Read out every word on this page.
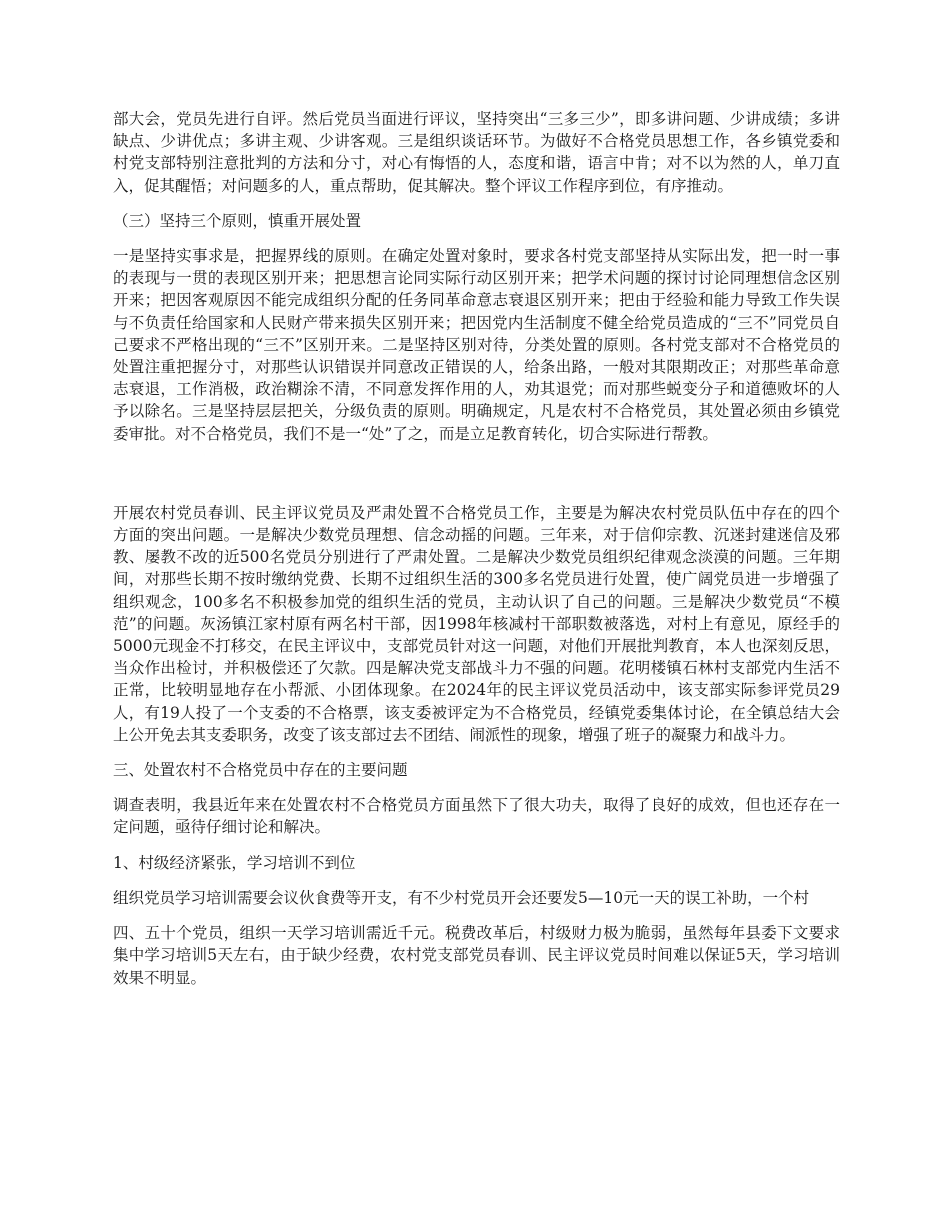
部大会，党员先进行自评。然后党员当面进行评议，坚持突出“三多三少”，即多讲问题、少讲成绩；多讲缺点、少讲优点；多讲主观、少讲客观。三是组织谈话环节。为做好不合格党员思想工作，各乡镇党委和村党支部特别注意批判的方法和分寸，对心有悔悟的人，态度和谐，语言中肯；对不以为然的人，单刀直入，促其醒悟；对问题多的人，重点帮助，促其解决。整个评议工作程序到位，有序推动。

（三）坚持三个原则，慎重开展处置

一是坚持实事求是，把握界线的原则。在确定处置对象时，要求各村党支部坚持从实际出发，把一时一事的表现与一贯的表现区别开来；把思想言论同实际行动区别开来；把学术问题的探讨讨论同理想信念区别开来；把因客观原因不能完成组织分配的任务同革命意志衰退区别开来；把由于经验和能力导致工作失误与不负责任给国家和人民财产带来损失区别开来；把因党内生活制度不健全给党员造成的“三不”同党员自己要求不严格出现的“三不”区别开来。二是坚持区别对待，分类处置的原则。各村党支部对不合格党员的处置注重把握分寸，对那些认识错误并同意改正错误的人，给条出路，一般对其限期改正；对那些革命意志衰退，工作消极，政治糊涂不清，不同意发挥作用的人，劝其退党；而对那些蜕变分子和道德败坏的人予以除名。三是坚持层层把关，分级负责的原则。明确规定，凡是农村不合格党员，其处置必须由乡镇党委审批。对不合格党员，我们不是一“处”了之，而是立足教育转化，切合实际进行帮教。

开展农村党员春训、民主评议党员及严肃处置不合格党员工作，主要是为解决农村党员队伍中存在的四个方面的突出问题。一是解决少数党员理想、信念动摇的问题。三年来，对于信仰宗教、沉迷封建迷信及邪教、屡教不改的近500名党员分别进行了严肃处置。二是解决少数党员组织纪律观念淡漠的问题。三年期间，对那些长期不按时缴纳党费、长期不过组织生活的300多名党员进行处置，使广阔党员进一步增强了组织观念，100多名不积极参加党的组织生活的党员，主动认识了自己的问题。三是解决少数党员“不模范”的问题。灰汤镇江家村原有两名村干部，因1998年核减村干部职数被落选，对村上有意见，原经手的5000元现金不打移交，在民主评议中，支部党员针对这一问题，对他们开展批判教育，本人也深刻反思，当众作出检讨，并积极偿还了欠款。四是解决党支部战斗力不强的问题。花明楼镇石林村支部党内生活不正常，比较明显地存在小帮派、小团体现象。在2024年的民主评议党员活动中，该支部实际参评党员29人，有19人投了一个支委的不合格票，该支委被评定为不合格党员，经镇党委集体讨论，在全镇总结大会上公开免去其支委职务，改变了该支部过去不团结、闹派性的现象，增强了班子的凝聚力和战斗力。

三、处置农村不合格党员中存在的主要问题

调查表明，我县近年来在处置农村不合格党员方面虽然下了很大功夫，取得了良好的成效，但也还存在一定问题，亟待仔细讨论和解决。

1、村级经济紧张，学习培训不到位

组织党员学习培训需要会议伙食费等开支，有不少村党员开会还要发5—10元一天的误工补助，一个村

四、五十个党员，组织一天学习培训需近千元。税费改革后，村级财力极为脆弱，虽然每年县委下文要求集中学习培训5天左右，由于缺少经费，农村党支部党员春训、民主评议党员时间难以保证5天，学习培训效果不明显。
